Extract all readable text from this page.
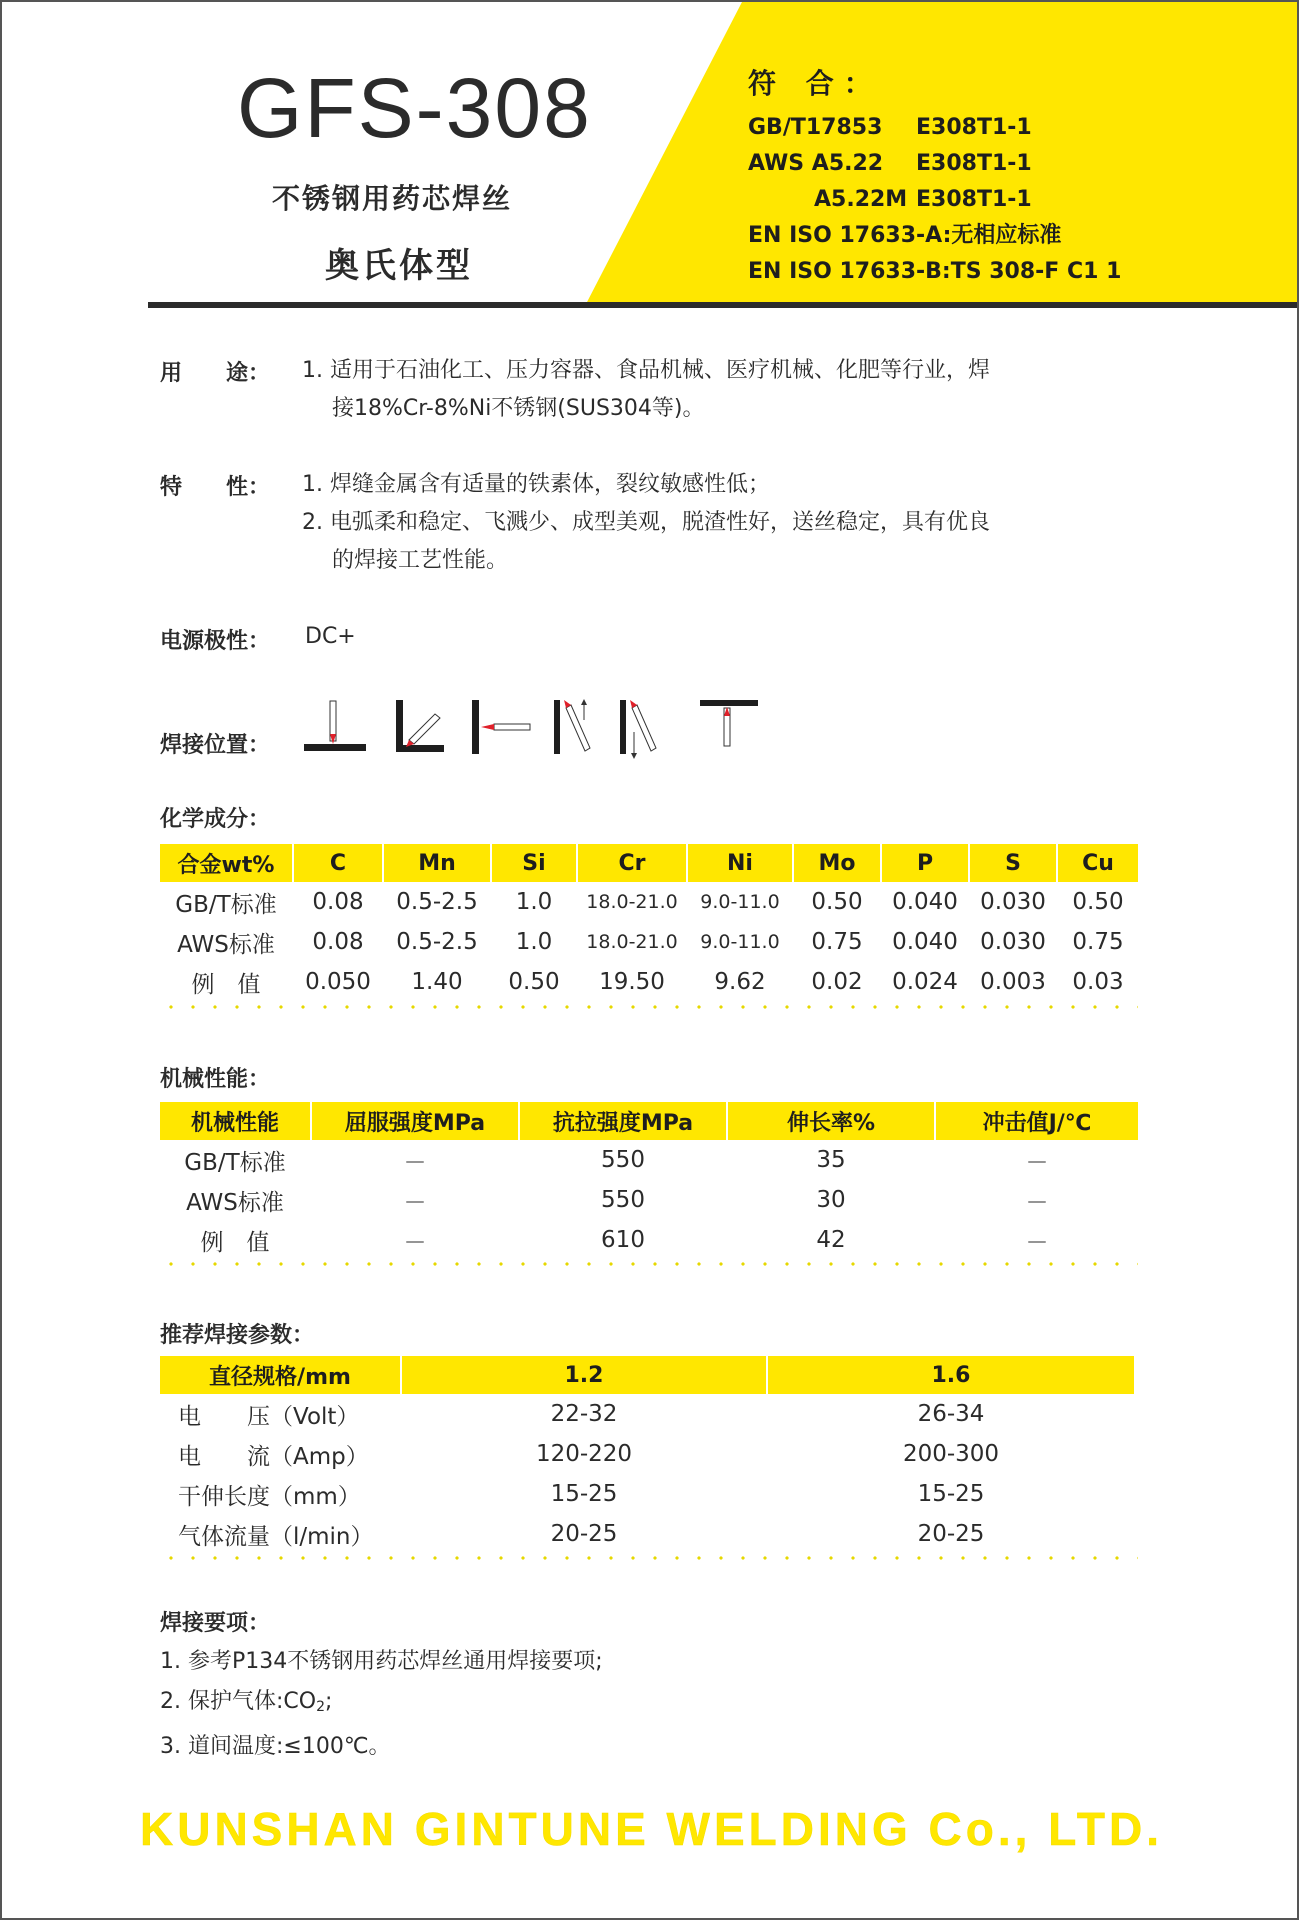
GFS-308
不锈钢用药芯焊丝
奥氏体型
符 合：
GB/T17853 E308T1-1
AWS A5.22 E308T1-1
A5.22M E308T1-1
EN ISO 17633-A:无相应标准
EN ISO 17633-B:TS 308-F C1 1
用　　途： 1. 适用于石油化工、压力容器、食品机械、医疗机械、化肥等行业，焊
接18%Cr-8%Ni不锈钢(SUS304等)。
特　　性： 1. 焊缝金属含有适量的铁素体，裂纹敏感性低；
2. 电弧柔和稳定、飞溅少、成型美观，脱渣性好，送丝稳定，具有优良
的焊接工艺性能。
电源极性： DC+
焊接位置：
化学成分：
合金wt%	C	Mn	Si	Cr	Ni	Mo	P	S	Cu
GB/T标准	0.08	0.5-2.5	1.0	18.0-21.0	9.0-11.0	0.50	0.040 0.030	0.50
AWS标准	0.08	0.5-2.5	1.0	18.0-21.0	9.0-11.0	0.75	0.040 0.030	0.75
例　值	0.050	1.40	0.50	19.50	9.62	0.02	0.024 0.003	0.03
机械性能：
机械性能	屈服强度MPa	抗拉强度MPa	伸长率%	冲击值J/℃
GB/T标准	－	550	35	－
AWS标准	－	550	30	－
例　值	－	610	42	－
推荐焊接参数：
直径规格/mm	1.2	1.6
电　　压（Volt）	22-32	26-34
电　　流（Amp）	120-220	200-300
干伸长度（mm）	15-25	15-25
气体流量（l/min）	20-25	20-25
焊接要项：
1. 参考P134不锈钢用药芯焊丝通用焊接要项;
2. 保护气体$:CO_2$;
3. 道间温度:≤100℃。
KUNSHAN GINTUNE WELDING Co., LTD.
